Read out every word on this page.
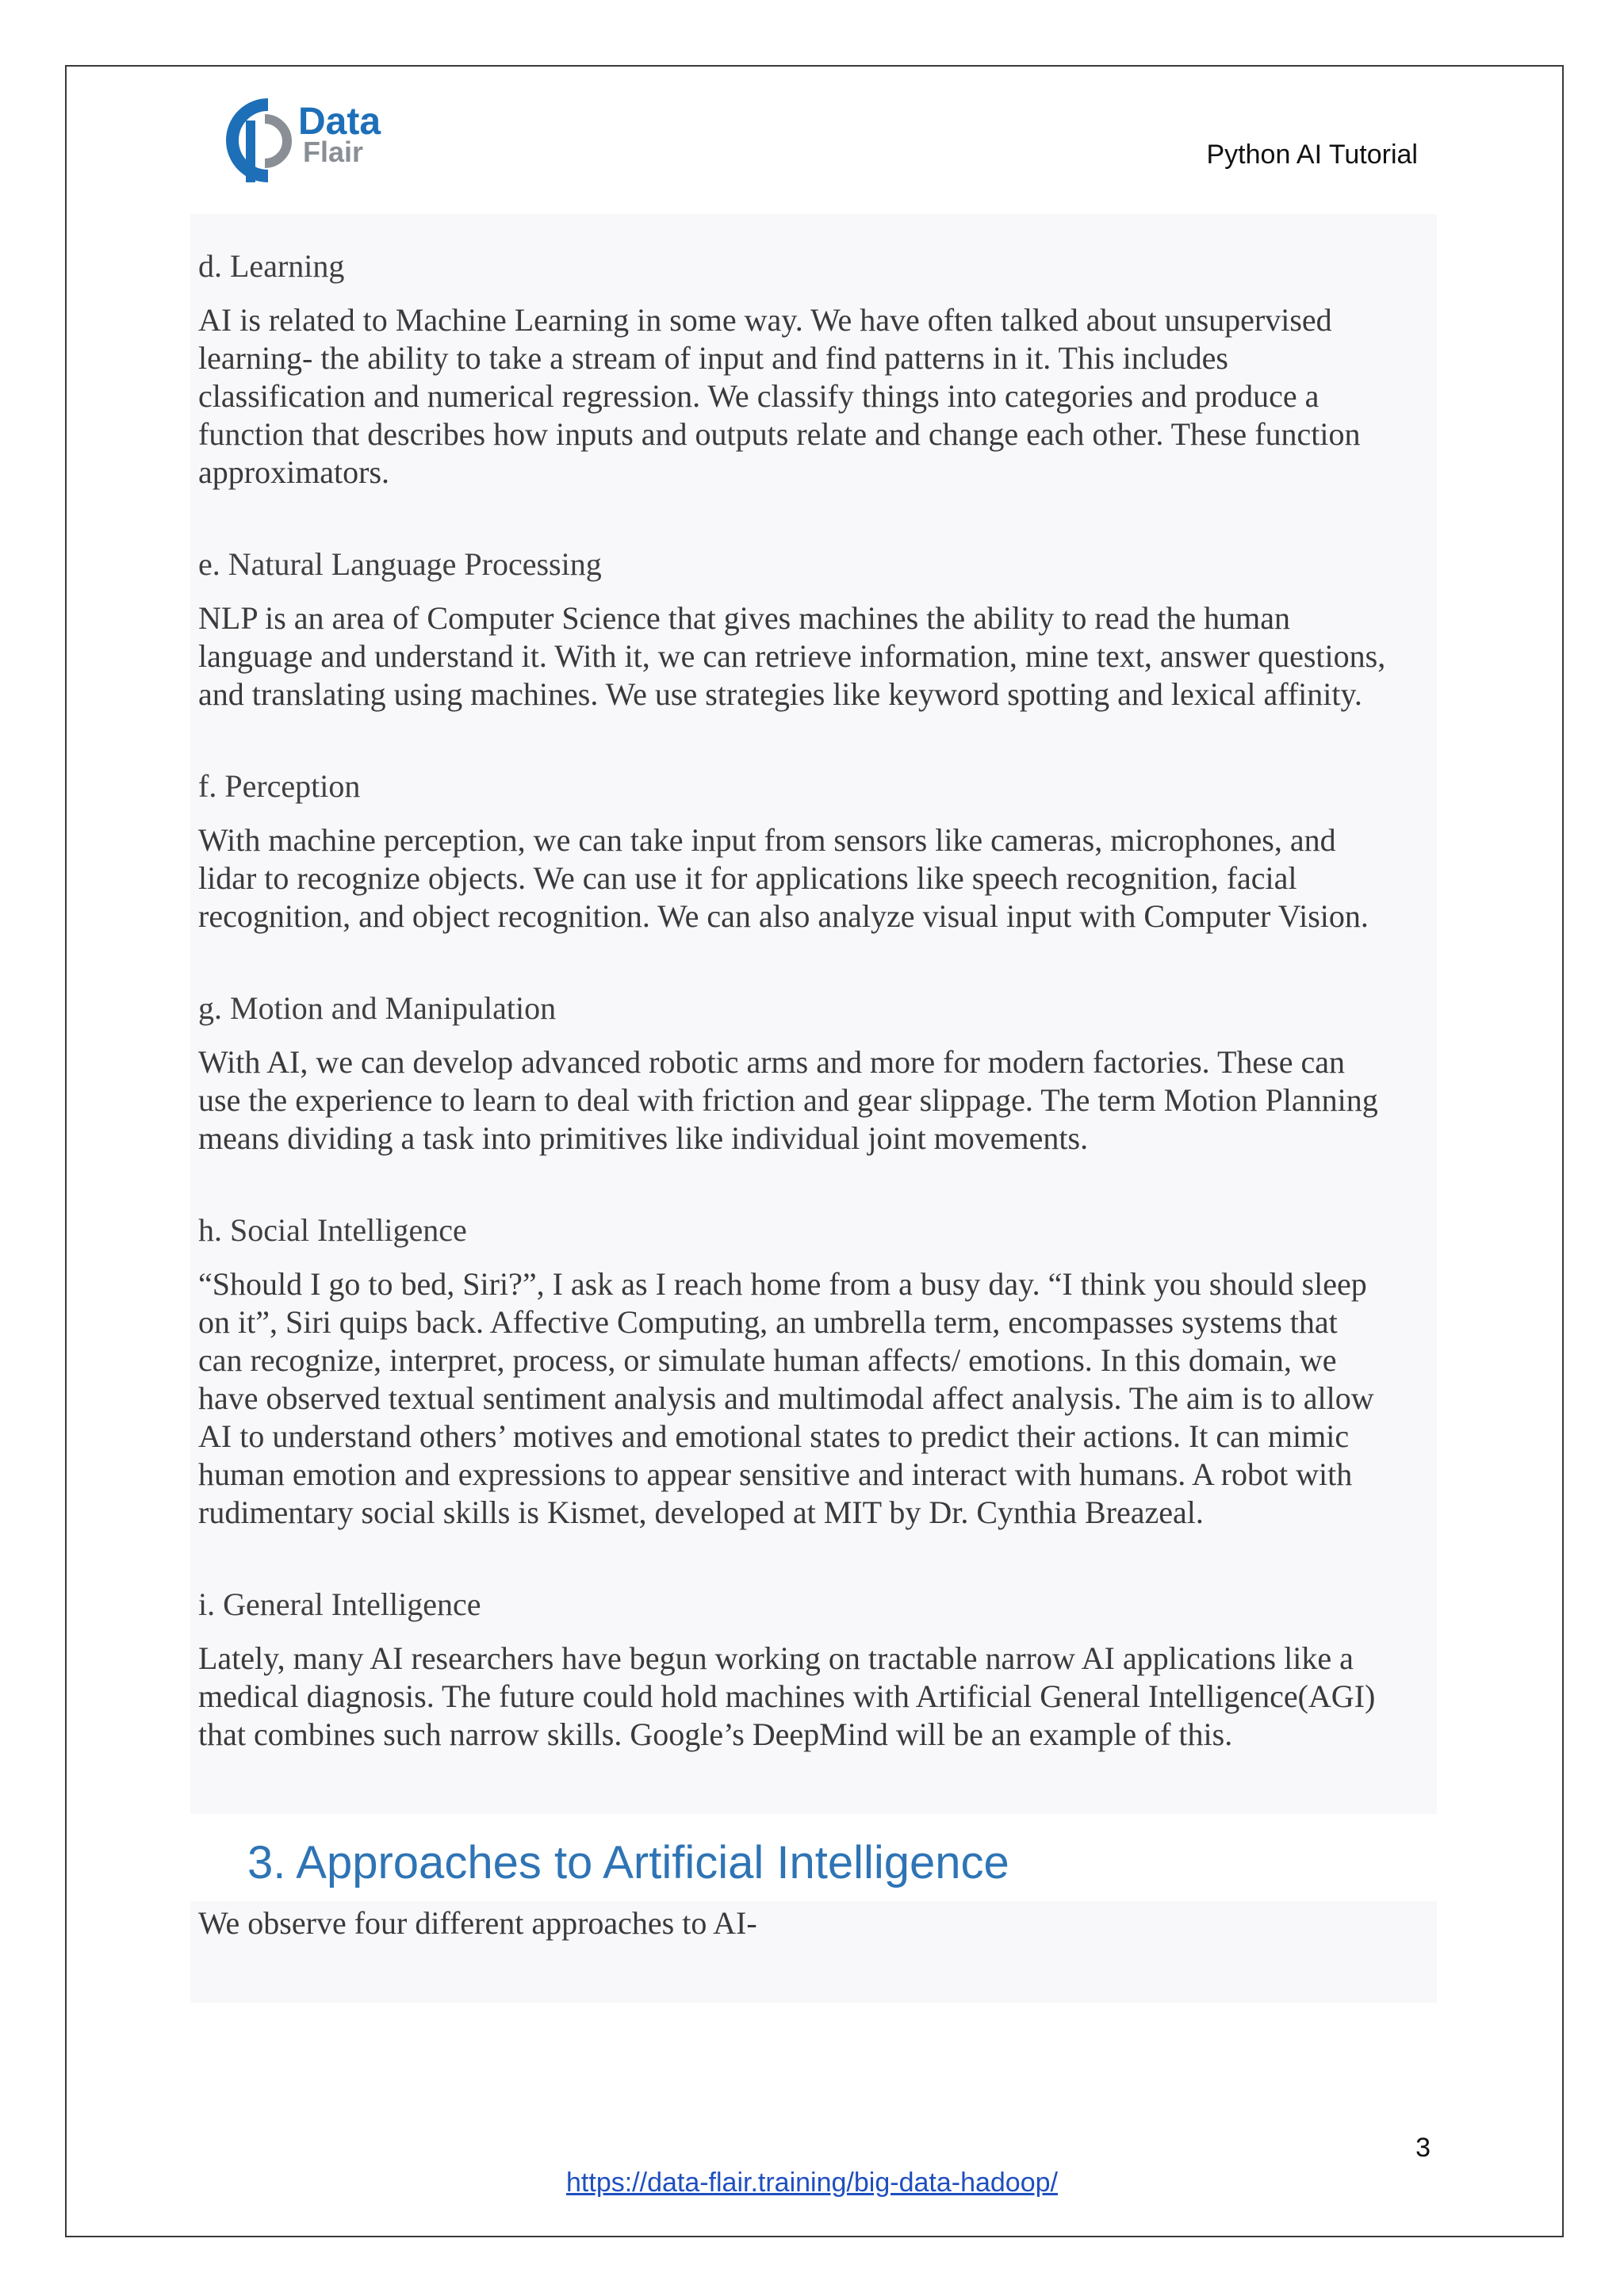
Data
Flair	Python AI Tutorial

d. Learning

AI is related to Machine Learning in some way. We have often talked about unsupervised
learning- the ability to take a stream of input and find patterns in it. This includes
classification and numerical regression. We classify things into categories and produce a
function that describes how inputs and outputs relate and change each other. These function
approximators.

e. Natural Language Processing

NLP is an area of Computer Science that gives machines the ability to read the human
language and understand it. With it, we can retrieve information, mine text, answer questions,
and translating using machines. We use strategies like keyword spotting and lexical affinity.

f. Perception

With machine perception, we can take input from sensors like cameras, microphones, and
lidar to recognize objects. We can use it for applications like speech recognition, facial
recognition, and object recognition. We can also analyze visual input with Computer Vision.

g. Motion and Manipulation

With AI, we can develop advanced robotic arms and more for modern factories. These can
use the experience to learn to deal with friction and gear slippage. The term Motion Planning
means dividing a task into primitives like individual joint movements.

h. Social Intelligence

“Should I go to bed, Siri?”, I ask as I reach home from a busy day. “I think you should sleep
on it”, Siri quips back. Affective Computing, an umbrella term, encompasses systems that
can recognize, interpret, process, or simulate human affects/ emotions. In this domain, we
have observed textual sentiment analysis and multimodal affect analysis. The aim is to allow
AI to understand others’ motives and emotional states to predict their actions. It can mimic
human emotion and expressions to appear sensitive and interact with humans. A robot with
rudimentary social skills is Kismet, developed at MIT by Dr. Cynthia Breazeal.

i. General Intelligence

Lately, many AI researchers have begun working on tractable narrow AI applications like a
medical diagnosis. The future could hold machines with Artificial General Intelligence(AGI)
that combines such narrow skills. Google’s DeepMind will be an example of this.

3. Approaches to Artificial Intelligence
We observe four different approaches to AI-
3
https://data-flair.training/big-data-hadoop/
